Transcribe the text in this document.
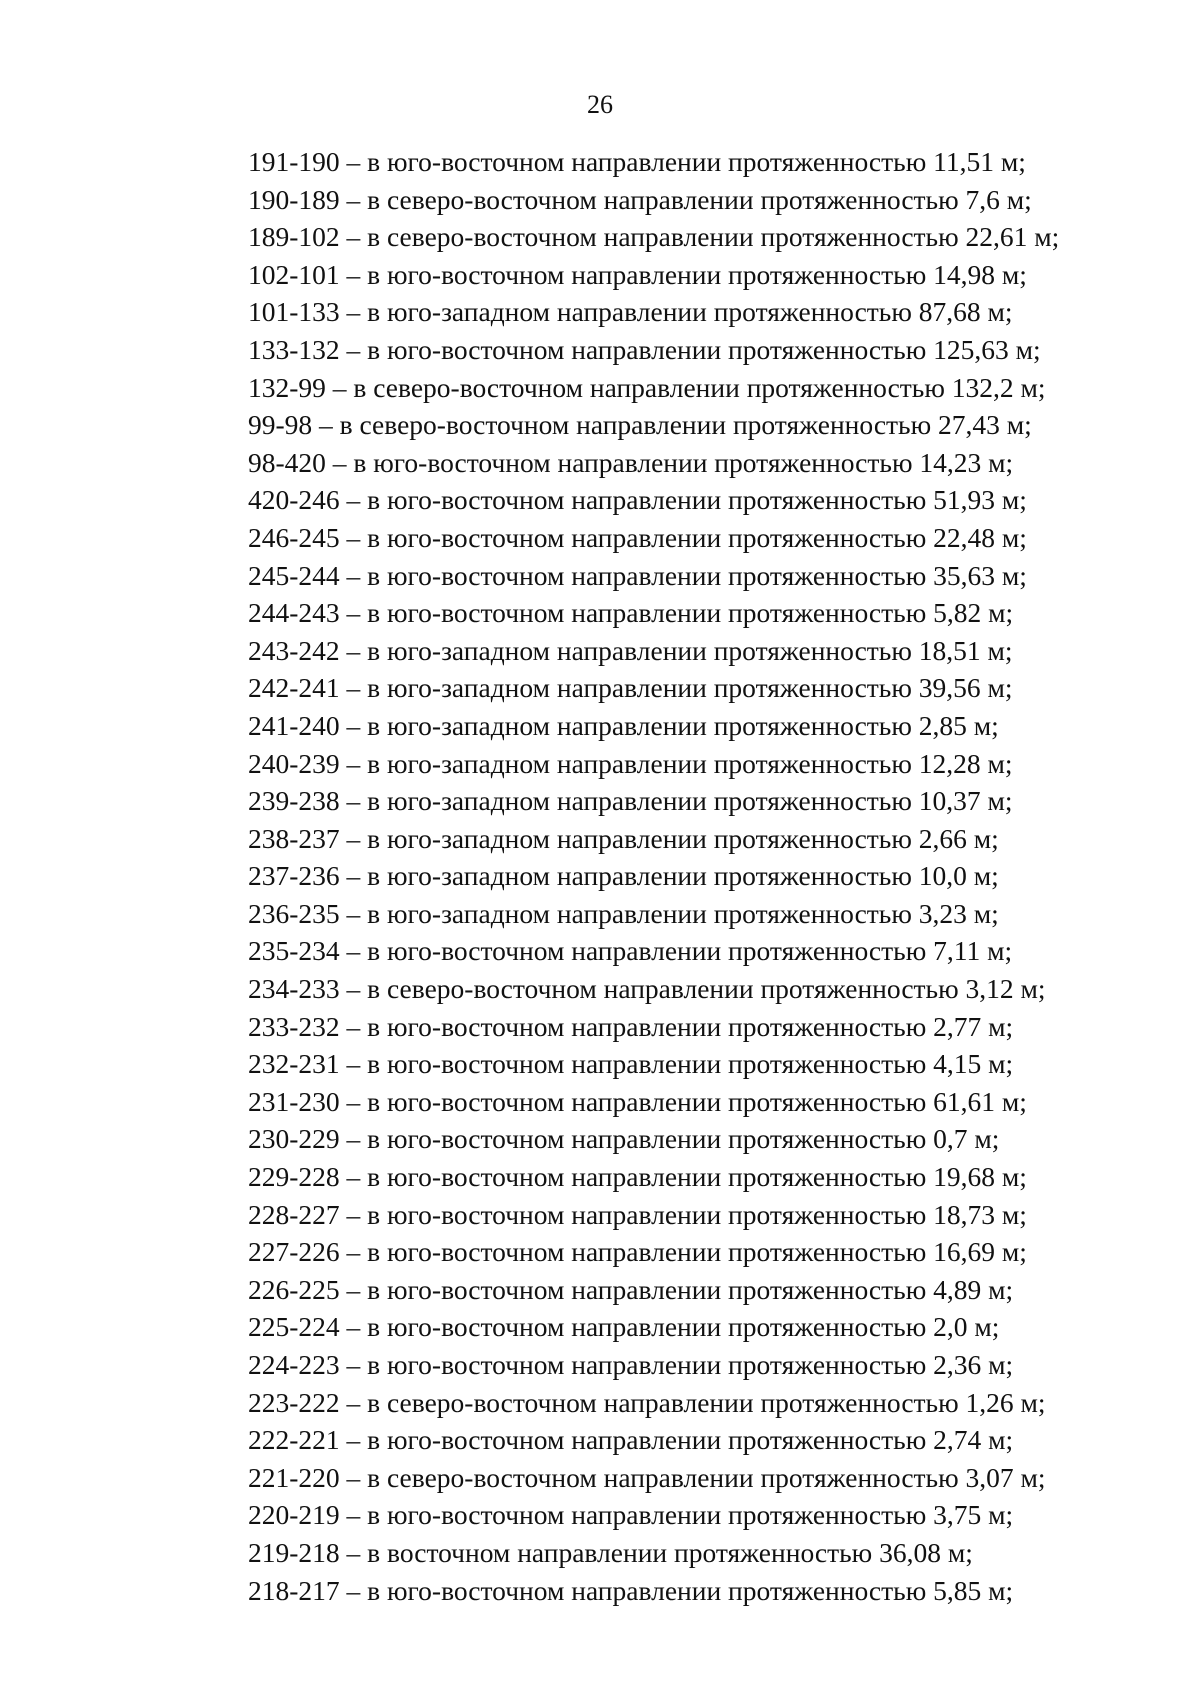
26
191-190 – в юго-восточном направлении протяженностью 11,51 м;
190-189 – в северо-восточном направлении протяженностью 7,6 м;
189-102 – в северо-восточном направлении протяженностью 22,61 м;
102-101 – в юго-восточном направлении протяженностью 14,98 м;
101-133 – в юго-западном направлении протяженностью 87,68 м;
133-132 – в юго-восточном направлении протяженностью 125,63 м;
132-99 – в северо-восточном направлении протяженностью 132,2 м;
99-98 – в северо-восточном направлении протяженностью 27,43 м;
98-420 – в юго-восточном направлении протяженностью 14,23 м;
420-246 – в юго-восточном направлении протяженностью 51,93 м;
246-245 – в юго-восточном направлении протяженностью 22,48 м;
245-244 – в юго-восточном направлении протяженностью 35,63 м;
244-243 – в юго-восточном направлении протяженностью 5,82 м;
243-242 – в юго-западном направлении протяженностью 18,51 м;
242-241 – в юго-западном направлении протяженностью 39,56 м;
241-240 – в юго-западном направлении протяженностью 2,85 м;
240-239 – в юго-западном направлении протяженностью 12,28 м;
239-238 – в юго-западном направлении протяженностью 10,37 м;
238-237 – в юго-западном направлении протяженностью 2,66 м;
237-236 – в юго-западном направлении протяженностью 10,0 м;
236-235 – в юго-западном направлении протяженностью 3,23 м;
235-234 – в юго-восточном направлении протяженностью 7,11 м;
234-233 – в северо-восточном направлении протяженностью 3,12 м;
233-232 – в юго-восточном направлении протяженностью 2,77 м;
232-231 – в юго-восточном направлении протяженностью 4,15 м;
231-230 – в юго-восточном направлении протяженностью 61,61 м;
230-229 – в юго-восточном направлении протяженностью 0,7 м;
229-228 – в юго-восточном направлении протяженностью 19,68 м;
228-227 – в юго-восточном направлении протяженностью 18,73 м;
227-226 – в юго-восточном направлении протяженностью 16,69 м;
226-225 – в юго-восточном направлении протяженностью 4,89 м;
225-224 – в юго-восточном направлении протяженностью 2,0 м;
224-223 – в юго-восточном направлении протяженностью 2,36 м;
223-222 – в северо-восточном направлении протяженностью 1,26 м;
222-221 – в юго-восточном направлении протяженностью 2,74 м;
221-220 – в северо-восточном направлении протяженностью 3,07 м;
220-219 – в юго-восточном направлении протяженностью 3,75 м;
219-218 – в восточном направлении протяженностью 36,08 м;
218-217 – в юго-восточном направлении протяженностью 5,85 м;
